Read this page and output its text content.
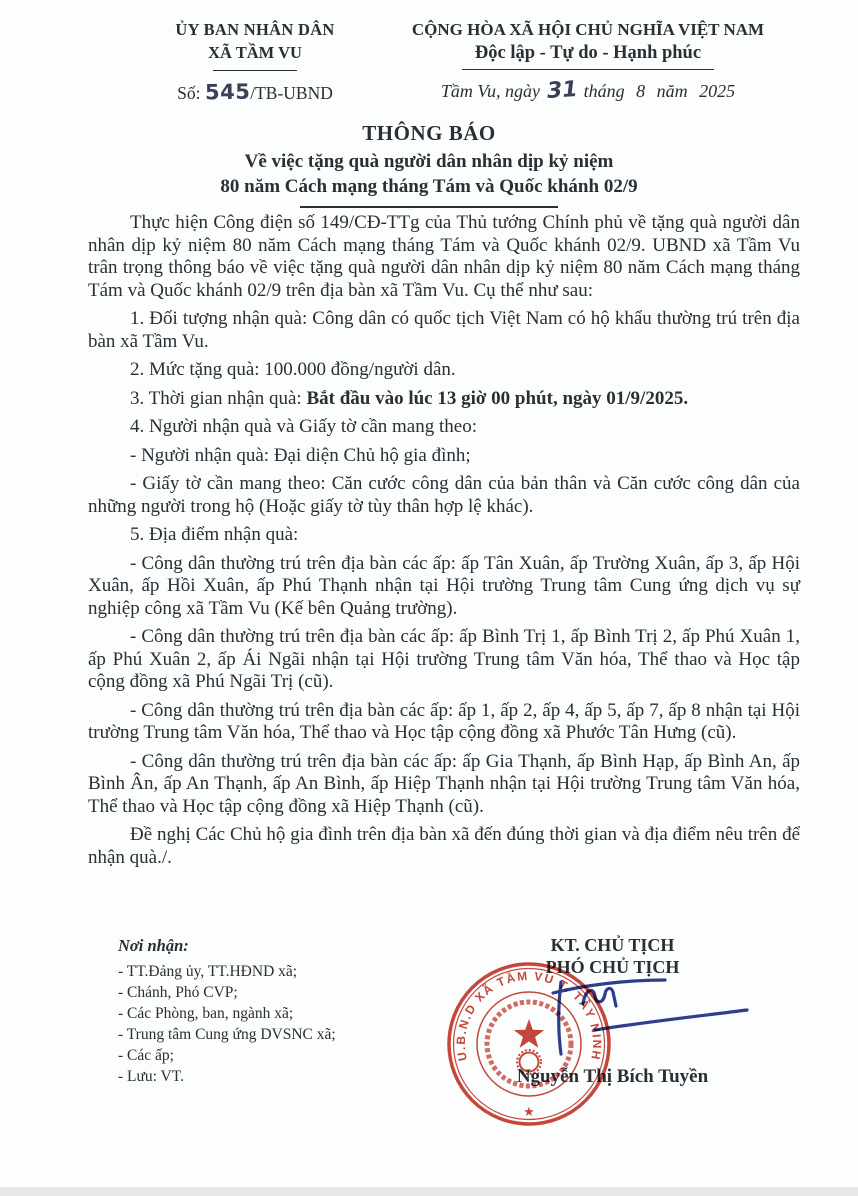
ỦY BAN NHÂN DÂN
XÃ TẦM VU
Số: 545/TB-UBND
CỘNG HÒA XÃ HỘI CHỦ NGHĨA VIỆT NAM
Độc lập - Tự do - Hạnh phúc
Tầm Vu, ngày 31 tháng 8 năm 2025
THÔNG BÁO
Về việc tặng quà người dân nhân dịp kỷ niệm
80 năm Cách mạng tháng Tám và Quốc khánh 02/9

Thực hiện Công điện số 149/CĐ-TTg của Thủ tướng Chính phủ về tặng quà người dân nhân dịp kỷ niệm 80 năm Cách mạng tháng Tám và Quốc khánh 02/9. UBND xã Tầm Vu trân trọng thông báo về việc tặng quà người dân nhân dịp kỷ niệm 80 năm Cách mạng tháng Tám và Quốc khánh 02/9 trên địa bàn xã Tầm Vu. Cụ thể như sau:

1. Đối tượng nhận quà: Công dân có quốc tịch Việt Nam có hộ khẩu thường trú trên địa bàn xã Tầm Vu.

2. Mức tặng quà: 100.000 đồng/người dân.

3. Thời gian nhận quà: Bắt đầu vào lúc 13 giờ 00 phút, ngày 01/9/2025.

4. Người nhận quà và Giấy tờ cần mang theo:

- Người nhận quà: Đại diện Chủ hộ gia đình;

- Giấy tờ cần mang theo: Căn cước công dân của bản thân và Căn cước công dân của những người trong hộ (Hoặc giấy tờ tùy thân hợp lệ khác).

5. Địa điểm nhận quà:

- Công dân thường trú trên địa bàn các ấp: ấp Tân Xuân, ấp Trường Xuân, ấp 3, ấp Hội Xuân, ấp Hồi Xuân, ấp Phú Thạnh nhận tại Hội trường Trung tâm Cung ứng dịch vụ sự nghiệp công xã Tầm Vu (Kế bên Quảng trường).

- Công dân thường trú trên địa bàn các ấp: ấp Bình Trị 1, ấp Bình Trị 2, ấp Phú Xuân 1, ấp Phú Xuân 2, ấp Ái Ngãi nhận tại Hội trường Trung tâm Văn hóa, Thể thao và Học tập cộng đồng xã Phú Ngãi Trị (cũ).

- Công dân thường trú trên địa bàn các ấp: ấp 1, ấp 2, ấp 4, ấp 5, ấp 7, ấp 8 nhận tại Hội trường Trung tâm Văn hóa, Thể thao và Học tập cộng đồng xã Phước Tân Hưng (cũ).

- Công dân thường trú trên địa bàn các ấp: ấp Gia Thạnh, ấp Bình Hạp, ấp Bình An, ấp Bình Ân, ấp An Thạnh, ấp An Bình, ấp Hiệp Thạnh nhận tại Hội trường Trung tâm Văn hóa, Thể thao và Học tập cộng đồng xã Hiệp Thạnh (cũ).

Đề nghị Các Chủ hộ gia đình trên địa bàn xã đến đúng thời gian và địa điểm nêu trên để nhận quà./.

Nơi nhận:
- TT.Đảng ủy, TT.HĐND xã;
- Chánh, Phó CVP;
- Các Phòng, ban, ngành xã;
- Trung tâm Cung ứng DVSNC xã;
- Các ấp;
- Lưu: VT.
KT. CHỦ TỊCH
PHÓ CHỦ TỊCH
Nguyễn Thị Bích Tuyền
U.B.N.D XÃ TẦM VU T. TÂY NINH
★
